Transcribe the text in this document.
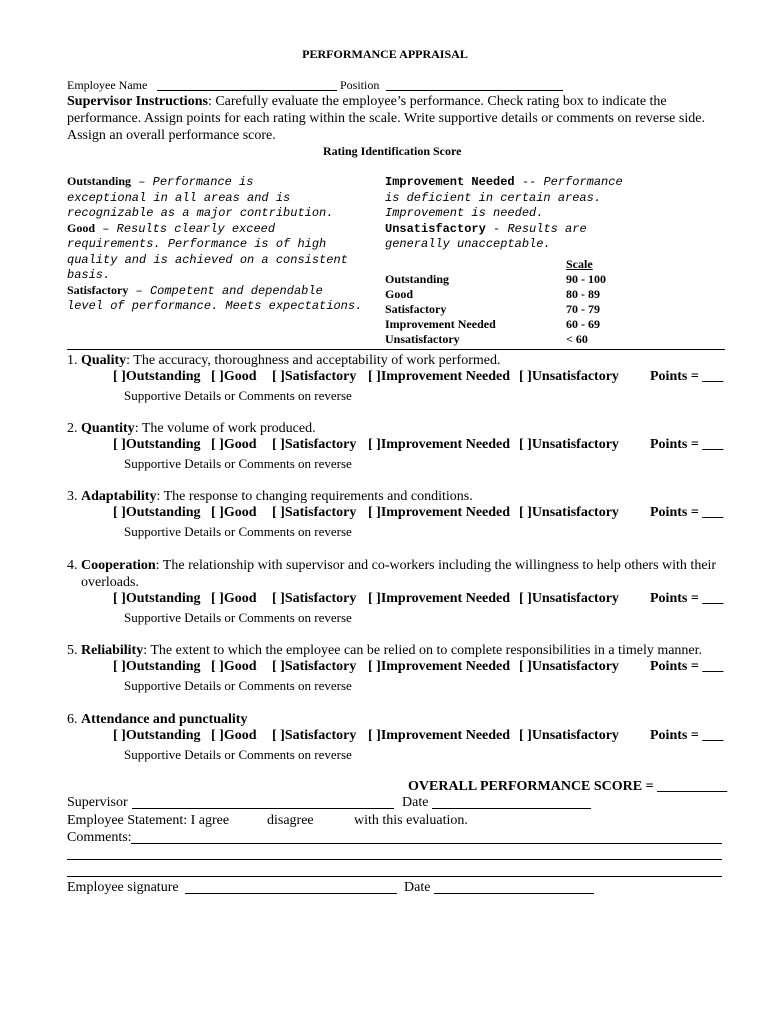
PERFORMANCE APPRAISAL
Employee Name	Position
Supervisor Instructions: Carefully evaluate the employee’s performance. Check rating box to indicate the performance. Assign points for each rating within the scale. Write supportive details or comments on reverse side. Assign an overall performance score.
Rating Identification Score
Outstanding – Performance is
exceptional in all areas and is
recognizable as a major contribution.
Good – Results clearly exceed
requirements. Performance is of high
quality and is achieved on a consistent
basis.
Satisfactory – Competent and dependable
level of performance. Meets expectations.
Improvement Needed -- Performance
is deficient in certain areas.
Improvement is needed.
Unsatisfactory - Results are
generally unacceptable.
Scale
Outstanding	90 - 100
Good	80 - 89
Satisfactory	70 - 79
Improvement Needed	60 - 69
Unsatisfactory	< 60
1. Quality: The accuracy, thoroughness and acceptability of work performed.
[ ]Outstanding [ ]Good [ ]Satisfactory [ ]Improvement Needed [ ]Unsatisfactory Points = ___
Supportive Details or Comments on reverse
2. Quantity: The volume of work produced.
[ ]Outstanding [ ]Good [ ]Satisfactory [ ]Improvement Needed [ ]Unsatisfactory Points = ___
Supportive Details or Comments on reverse
3. Adaptability: The response to changing requirements and conditions.
[ ]Outstanding [ ]Good [ ]Satisfactory [ ]Improvement Needed [ ]Unsatisfactory Points = ___
Supportive Details or Comments on reverse
4. Cooperation: The relationship with supervisor and co-workers including the willingness to help others with their overloads.
[ ]Outstanding [ ]Good [ ]Satisfactory [ ]Improvement Needed [ ]Unsatisfactory Points = ___
Supportive Details or Comments on reverse
5. Reliability: The extent to which the employee can be relied on to complete responsibilities in a timely manner.
[ ]Outstanding [ ]Good [ ]Satisfactory [ ]Improvement Needed [ ]Unsatisfactory Points = ___
Supportive Details or Comments on reverse
6. Attendance and punctuality
[ ]Outstanding [ ]Good [ ]Satisfactory [ ]Improvement Needed [ ]Unsatisfactory Points = ___
Supportive Details or Comments on reverse
OVERALL PERFORMANCE SCORE = __________
Supervisor	Date
Employee Statement: I agree	disagree	with this evaluation.
Comments:
Employee signature	Date
